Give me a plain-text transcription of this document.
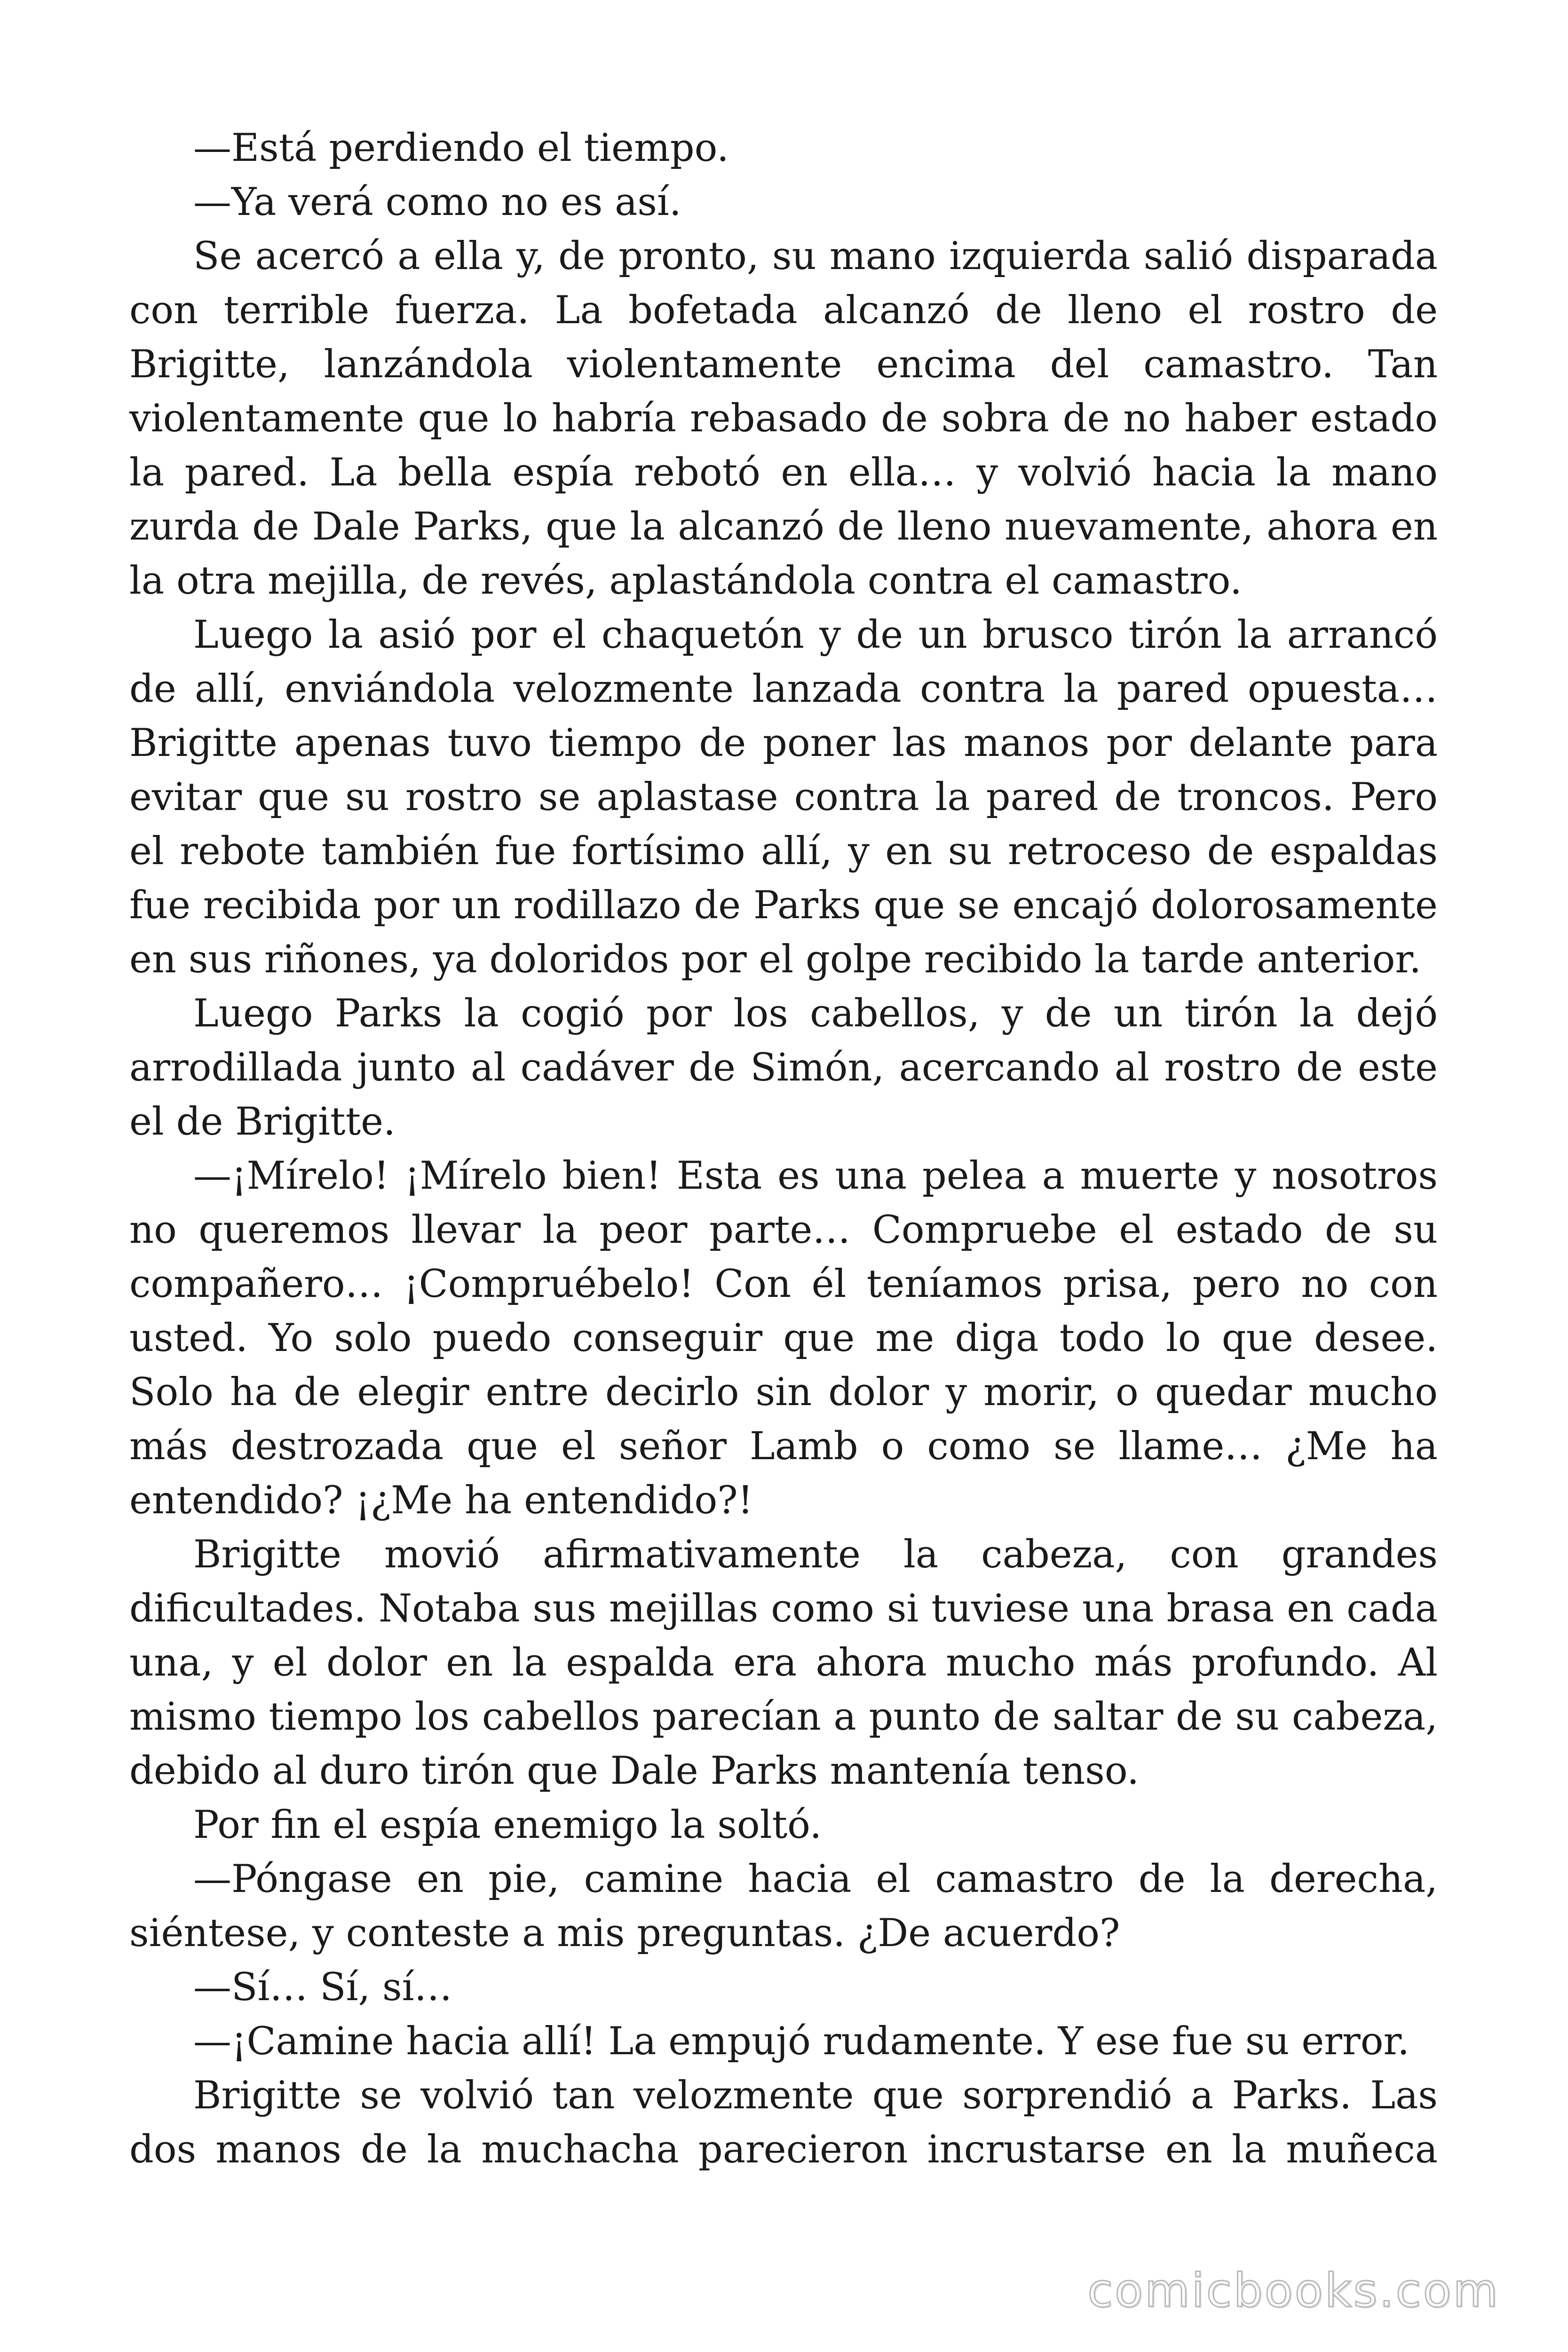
—Está perdiendo el tiempo.

—Ya verá como no es así.

Se acercó a ella y, de pronto, su mano izquierda salió disparada con terrible fuerza. La bofetada alcanzó de lleno el rostro de Brigitte, lanzándola violentamente encima del camastro. Tan violentamente que lo habría rebasado de sobra de no haber estado la pared. La bella espía rebotó en ella… y volvió hacia la mano zurda de Dale Parks, que la alcanzó de lleno nuevamente, ahora en la otra mejilla, de revés, aplastándola contra el camastro.

Luego la asió por el chaquetón y de un brusco tirón la arrancó de allí, enviándola velozmente lanzada contra la pared opuesta… Brigitte apenas tuvo tiempo de poner las manos por delante para evitar que su rostro se aplastase contra la pared de troncos. Pero el rebote también fue fortísimo allí, y en su retroceso de espaldas fue recibida por un rodillazo de Parks que se encajó dolorosamente en sus riñones, ya doloridos por el golpe recibido la tarde anterior.

Luego Parks la cogió por los cabellos, y de un tirón la dejó arrodillada junto al cadáver de Simón, acercando al rostro de este el de Brigitte.

—¡Mírelo! ¡Mírelo bien! Esta es una pelea a muerte y nosotros no queremos llevar la peor parte… Compruebe el estado de su compañero… ¡Compruébelo! Con él teníamos prisa, pero no con usted. Yo solo puedo conseguir que me diga todo lo que desee. Solo ha de elegir entre decirlo sin dolor y morir, o quedar mucho más destrozada que el señor Lamb o como se llame… ¿Me ha entendido? ¡¿Me ha entendido?!

Brigitte movió afirmativamente la cabeza, con grandes dificultades. Notaba sus mejillas como si tuviese una brasa en cada una, y el dolor en la espalda era ahora mucho más profundo. Al mismo tiempo los cabellos parecían a punto de saltar de su cabeza, debido al duro tirón que Dale Parks mantenía tenso.

Por fin el espía enemigo la soltó.

—Póngase en pie, camine hacia el camastro de la derecha, siéntese, y conteste a mis preguntas. ¿De acuerdo?

—Sí… Sí, sí…

—¡Camine hacia allí! La empujó rudamente. Y ese fue su error.

Brigitte se volvió tan velozmente que sorprendió a Parks. Las dos manos de la muchacha parecieron incrustarse en la muñeca

comicbooks.com
